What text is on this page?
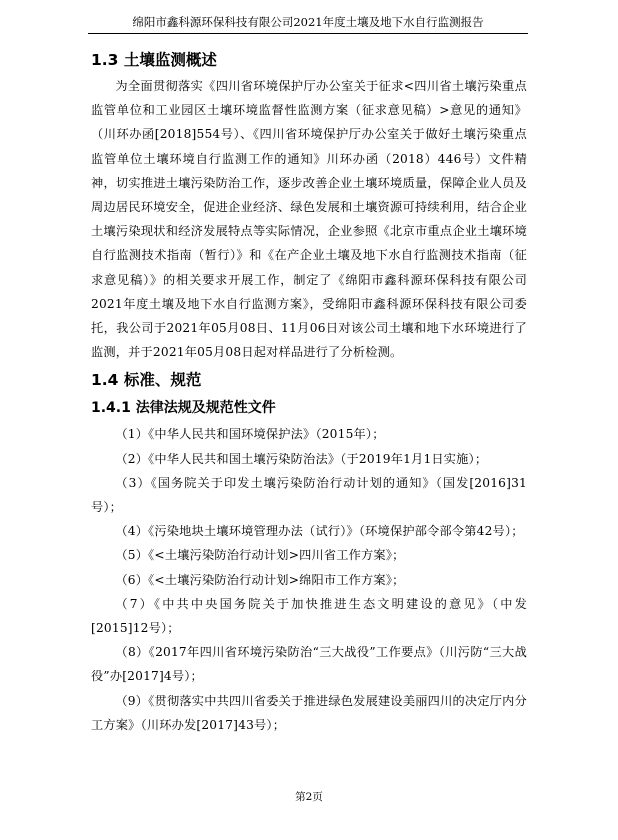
绵阳市鑫科源环保科技有限公司2021年度土壤及地下水自行监测报告
1.3 土壤监测概述

为全面贯彻落实《四川省环境保护厅办公室关于征求<四川省土壤污染重点监管单位和工业园区土壤环境监督性监测方案（征求意见稿）>意见的通知》（川环办函[2018]554号）、《四川省环境保护厅办公室关于做好土壤污染重点监管单位土壤环境自行监测工作的通知》川环办函（2018）446号）文件精神，切实推进土壤污染防治工作，逐步改善企业土壤环境质量，保障企业人员及周边居民环境安全，促进企业经济、绿色发展和土壤资源可持续利用，结合企业土壤污染现状和经济发展特点等实际情况，企业参照《北京市重点企业土壤环境自行监测技术指南（暂行）》和《在产企业土壤及地下水自行监测技术指南（征求意见稿）》的相关要求开展工作，制定了《绵阳市鑫科源环保科技有限公司2021年度土壤及地下水自行监测方案》，受绵阳市鑫科源环保科技有限公司委托，我公司于2021年05月08日、11月06日对该公司土壤和地下水环境进行了监测，并于2021年05月08日起对样品进行了分析检测。

1.4 标准、规范
1.4.1 法律法规及规范性文件
（1）《中华人民共和国环境保护法》（2015年）；
（2）《中华人民共和国土壤污染防治法》（于2019年1月1日实施）；
（3）《国务院关于印发土壤污染防治行动计划的通知》（国发[2016]31号）；
（4）《污染地块土壤环境管理办法（试行）》（环境保护部令部令第42号）；
（5）《<土壤污染防治行动计划>四川省工作方案》；
（6）《<土壤污染防治行动计划>绵阳市工作方案》；
（7）《中共中央国务院关于加快推进生态文明建设的意见》（中发[2015]12号）；
（8）《2017年四川省环境污染防治“三大战役”工作要点》（川污防“三大战役”办[2017]4号）；
（9）《贯彻落实中共四川省委关于推进绿色发展建设美丽四川的决定厅内分工方案》（川环办发[2017]43号）；
第2页
